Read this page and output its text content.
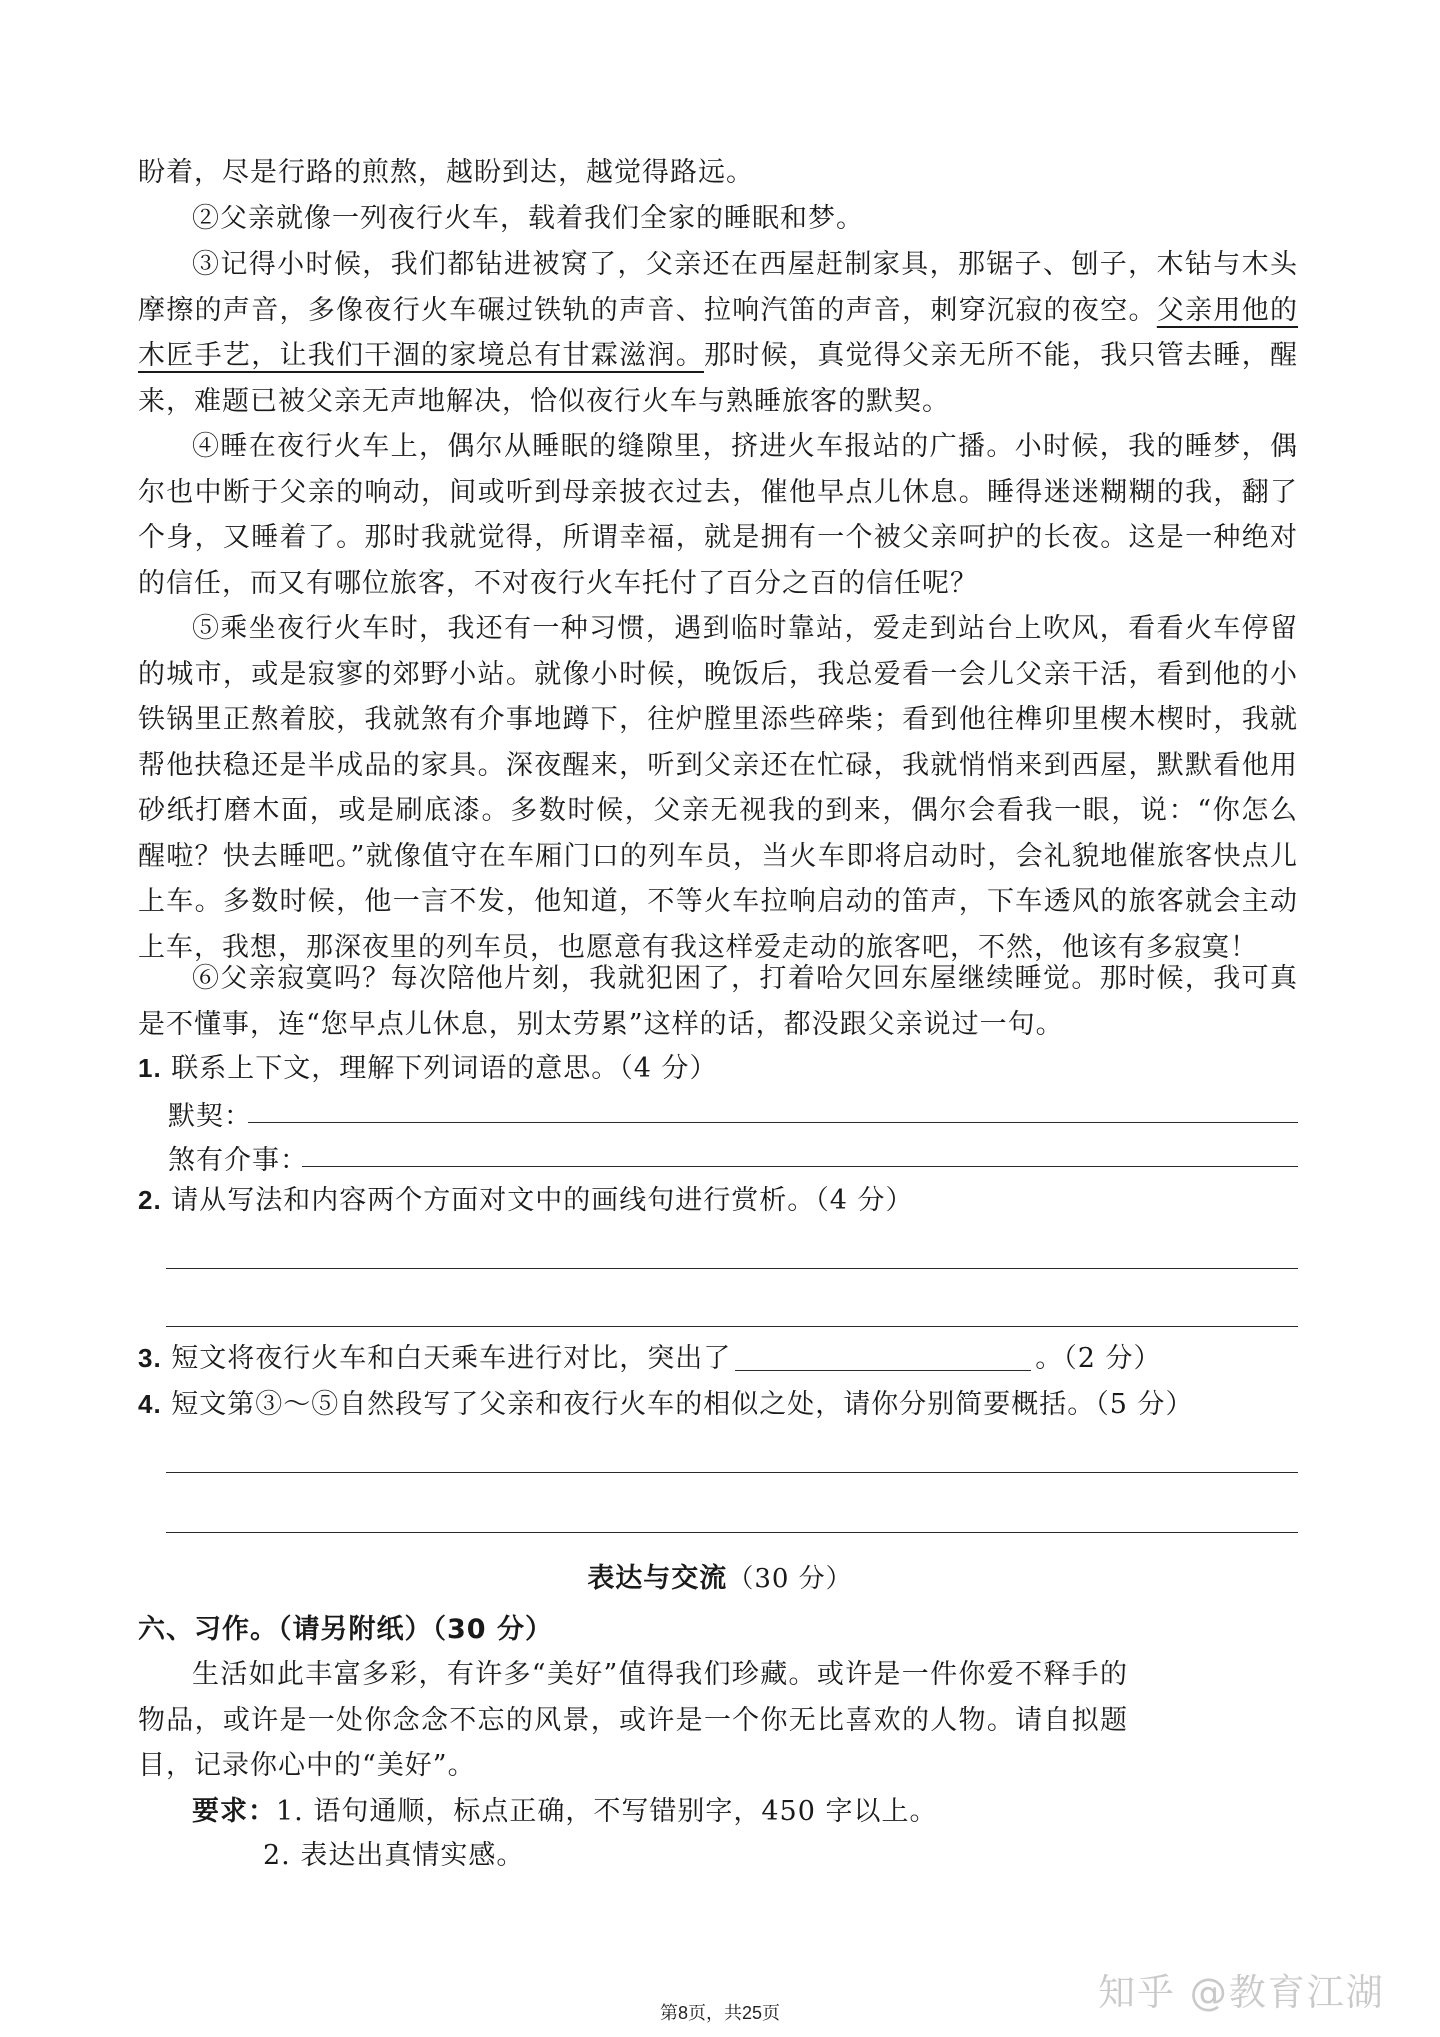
盼着，尽是行路的煎熬，越盼到达，越觉得路远。
②父亲就像一列夜行火车，载着我们全家的睡眠和梦。
③记得小时候，我们都钻进被窝了，父亲还在西屋赶制家具，那锯子、刨子，木钻与木头摩擦的声音，多像夜行火车碾过铁轨的声音、拉响汽笛的声音，刺穿沉寂的夜空。父亲用他的木匠手艺，让我们干涸的家境总有甘霖滋润。那时候，真觉得父亲无所不能，我只管去睡，醒来，难题已被父亲无声地解决，恰似夜行火车与熟睡旅客的默契。
④睡在夜行火车上，偶尔从睡眠的缝隙里，挤进火车报站的广播。小时候，我的睡梦，偶尔也中断于父亲的响动，间或听到母亲披衣过去，催他早点儿休息。睡得迷迷糊糊的我，翻了个身，又睡着了。那时我就觉得，所谓幸福，就是拥有一个被父亲呵护的长夜。这是一种绝对的信任，而又有哪位旅客，不对夜行火车托付了百分之百的信任呢？
⑤乘坐夜行火车时，我还有一种习惯，遇到临时靠站，爱走到站台上吹风，看看火车停留的城市，或是寂寥的郊野小站。就像小时候，晚饭后，我总爱看一会儿父亲干活，看到他的小铁锅里正熬着胶，我就煞有介事地蹲下，往炉膛里添些碎柴；看到他往榫卯里楔木楔时，我就帮他扶稳还是半成品的家具。深夜醒来，听到父亲还在忙碌，我就悄悄来到西屋，默默看他用砂纸打磨木面，或是刷底漆。多数时候，父亲无视我的到来，偶尔会看我一眼，说：“你怎么醒啦？快去睡吧。”就像值守在车厢门口的列车员，当火车即将启动时，会礼貌地催旅客快点儿上车。多数时候，他一言不发，他知道，不等火车拉响启动的笛声，下车透风的旅客就会主动上车，我想，那深夜里的列车员，也愿意有我这样爱走动的旅客吧，不然，他该有多寂寞！
⑥父亲寂寞吗？每次陪他片刻，我就犯困了，打着哈欠回东屋继续睡觉。那时候，我可真是不懂事，连“您早点儿休息，别太劳累”这样的话，都没跟父亲说过一句。
1. 联系上下文，理解下列词语的意思。（4 分）
默契：
煞有介事：
2. 请从写法和内容两个方面对文中的画线句进行赏析。（4 分）
3. 短文将夜行火车和白天乘车进行对比，突出了	。（2 分）
4. 短文第③～⑤自然段写了父亲和夜行火车的相似之处，请你分别简要概括。（5 分）
表达与交流（30 分）
六、习作。（请另附纸）（30 分）
生活如此丰富多彩，有许多“美好”值得我们珍藏。或许是一件你爱不释手的物品，或许是一处你念念不忘的风景，或许是一个你无比喜欢的人物。请自拟题目，记录你心中的“美好”。
要求：1. 语句通顺，标点正确，不写错别字，450 字以上。
2. 表达出真情实感。
第8页，共25页	知乎 @教育江湖
